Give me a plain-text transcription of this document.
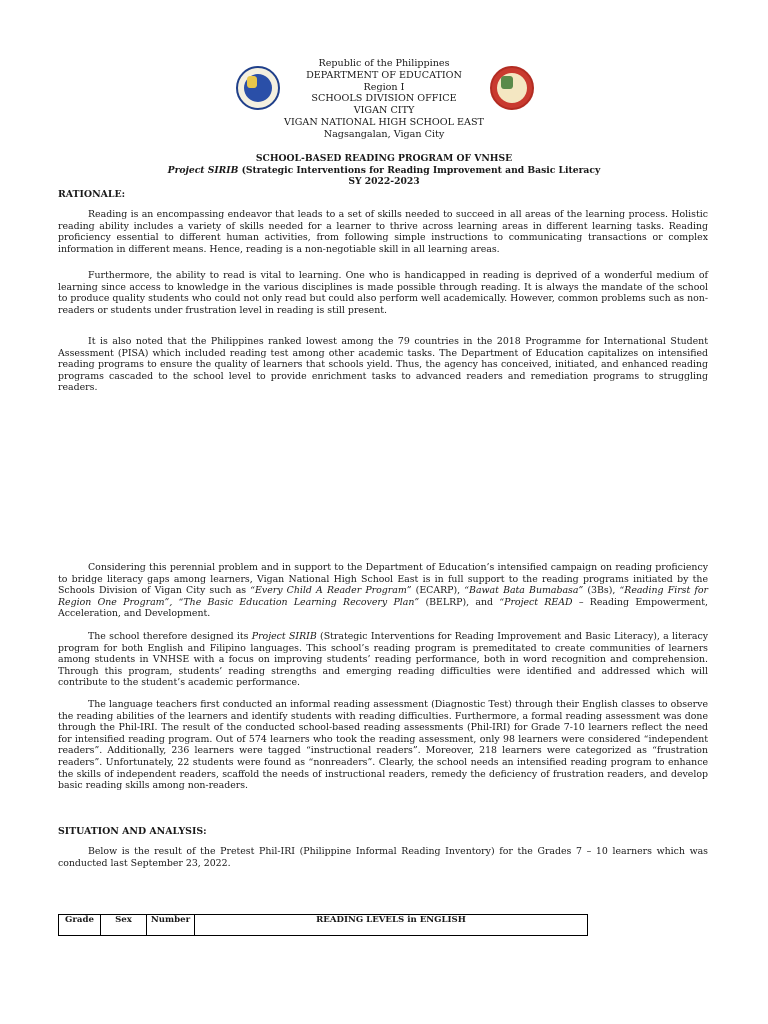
Republic of the Philippines
DEPARTMENT OF EDUCATION
Region I
SCHOOLS DIVISION OFFICE
VIGAN CITY
VIGAN NATIONAL HIGH SCHOOL EAST
Nagsangalan, Vigan City
SCHOOL-BASED READING PROGRAM OF VNHSE
Project SIRIB (Strategic Interventions for Reading Improvement and Basic Literacy
SY 2022-2023
RATIONALE:

Reading is an encompassing endeavor that leads to a set of skills needed to succeed in all areas of the learning process. Holistic reading ability includes a variety of skills needed for a learner to thrive across learning areas in different learning tasks. Reading proficiency essential to different human activities, from following simple instructions to communicating transactions or complex information in different means. Hence, reading is a non-negotiable skill in all learning areas.

Furthermore, the ability to read is vital to learning. One who is handicapped in reading is deprived of a wonderful medium of learning since access to knowledge in the various disciplines is made possible through reading. It is always the mandate of the school to produce quality students who could not only read but could also perform well academically. However, common problems such as non-readers or students under frustration level in reading is still present.

It is also noted that the Philippines ranked lowest among the 79 countries in the 2018 Programme for International Student Assessment (PISA) which included reading test among other academic tasks. The Department of Education capitalizes on intensified reading programs to ensure the quality of learners that schools yield. Thus, the agency has conceived, initiated, and enhanced reading programs cascaded to the school level to provide enrichment tasks to advanced readers and remediation programs to struggling readers.

Considering this perennial problem and in support to the Department of Education’s intensified campaign on reading proficiency to bridge literacy gaps among learners, Vigan National High School East is in full support to the reading programs initiated by the Schools Division of Vigan City such as “Every Child A Reader Program” (ECARP), “Bawat Bata Bumabasa” (3Bs), “Reading First for Region One Program”, “The Basic Education Learning Recovery Plan” (BELRP), and “Project READ – Reading Empowerment, Acceleration, and Development.

The school therefore designed its Project SIRIB (Strategic Interventions for Reading Improvement and Basic Literacy), a literacy program for both English and Filipino languages. This school’s reading program is premeditated to create communities of learners among students in VNHSE with a focus on improving students’ reading performance, both in word recognition and comprehension. Through this program, students’ reading strengths and emerging reading difficulties were identified and addressed which will contribute to the student’s academic performance.

The language teachers first conducted an informal reading assessment (Diagnostic Test) through their English classes to observe the reading abilities of the learners and identify students with reading difficulties. Furthermore, a formal reading assessment was done through the Phil-IRI. The result of the conducted school-based reading assessments (Phil-IRI) for Grade 7-10 learners reflect the need for intensified reading program. Out of 574 learners who took the reading assessment, only 98 learners were considered “independent readers”. Additionally, 236 learners were tagged “instructional readers”. Moreover, 218 learners were categorized as “frustration readers”. Unfortunately, 22 students were found as “nonreaders”. Clearly, the school needs an intensified reading program to enhance the skills of independent readers, scaffold the needs of instructional readers, remedy the deficiency of frustration readers, and develop basic reading skills among non-readers.

SITUATION AND ANALYSIS:

Below is the result of the Pretest Phil-IRI (Philippine Informal Reading Inventory) for the Grades 7 – 10 learners which was conducted last September 23, 2022.

Grade	Sex	Number	READING LEVELS in ENGLISH
